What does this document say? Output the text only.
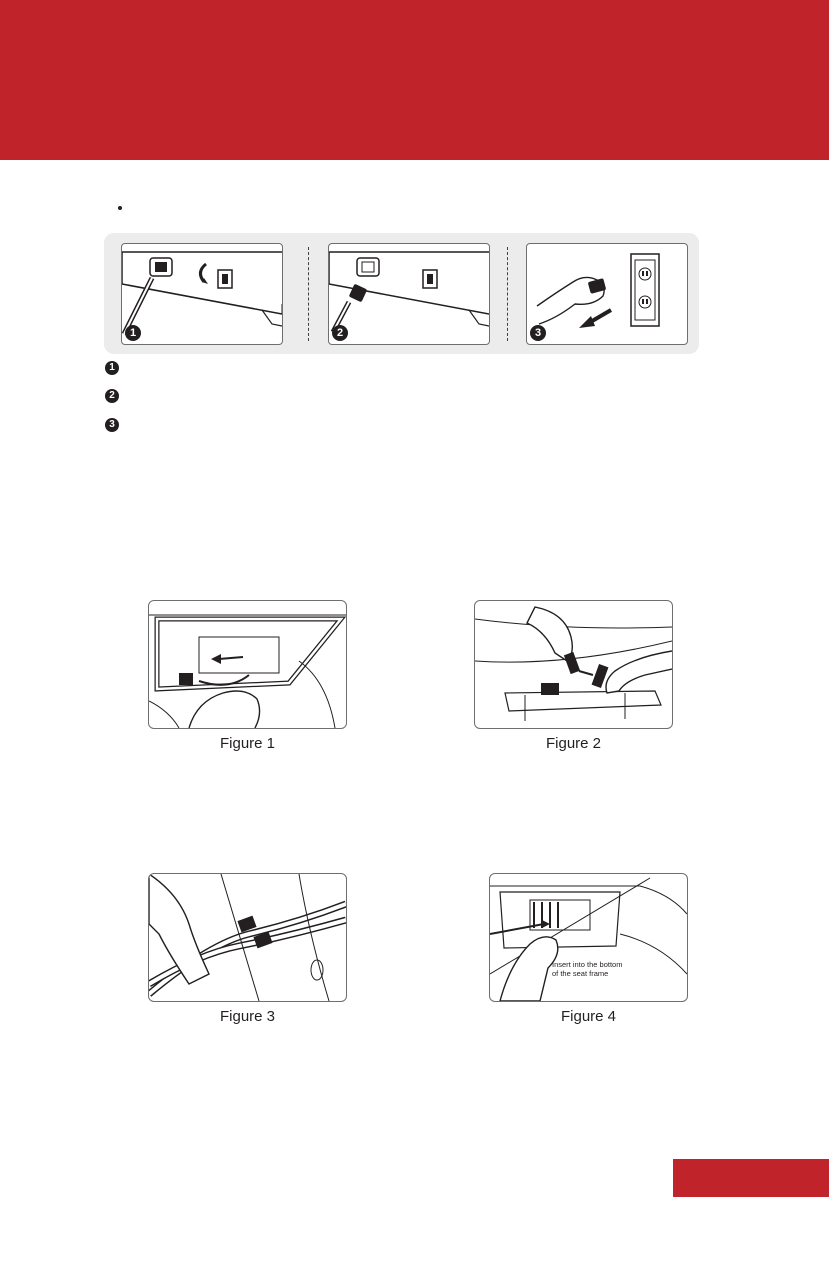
1	2	3
1
2
3
Figure 1	Figure 2
Figure 3
Insert into the bottom
of the seat frame
Figure 4
